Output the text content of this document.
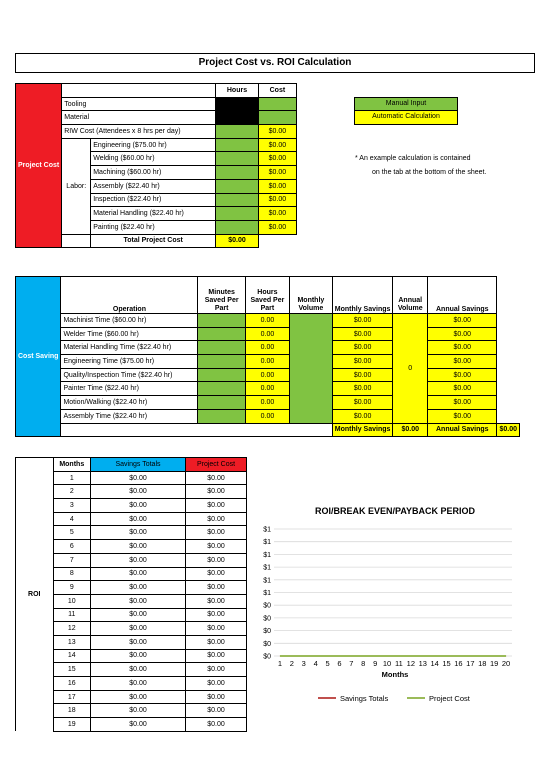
Project Cost vs. ROI Calculation
Project Cost			Hours	Cost
	Tooling			
	Material			
	RIW Cost (Attendees x 8 hrs per day)			$0.00
	Labor:	Engineering ($75.00 hr)		$0.00
		Welding ($60.00 hr)		$0.00
		Machining ($60.00 hr)		$0.00
		Assembly ($22.40 hr)		$0.00
		Inspection ($22.40 hr)		$0.00
		Material Handling ($22.40 hr)		$0.00
		Painting ($22.40 hr)		$0.00
		Total Project Cost	$0.00	
Manual Input
Automatic Calculation
* An example calculation is contained
on the tab at the bottom of the sheet.
Cost Saving	Operation	Minutes Saved Per Part	Hours Saved Per Part	Monthly Volume	Monthly Savings	Annual Volume	Annual Savings	
	Machinist Time ($60.00 hr)		0.00		$0.00	0	$0.00	
	Welder Time ($60.00 hr)		0.00		$0.00		$0.00	
	Material Handling Time ($22.40 hr)		0.00		$0.00		$0.00	
	Engineering Time ($75.00 hr)		0.00		$0.00		$0.00	
	Quality/Inspection Time ($22.40 hr)		0.00		$0.00		$0.00	
	Painter Time ($22.40 hr)		0.00		$0.00		$0.00	
	Motion/Walking ($22.40 hr)		0.00		$0.00		$0.00	
	Assembly Time ($22.40 hr)		0.00		$0.00		$0.00	
					Monthly Savings	$0.00	Annual Savings	$0.00
ROI	Months	Savings Totals	Project Cost
	1	$0.00	$0.00
	2	$0.00	$0.00
	3	$0.00	$0.00
	4	$0.00	$0.00
	5	$0.00	$0.00
	6	$0.00	$0.00
	7	$0.00	$0.00
	8	$0.00	$0.00
	9	$0.00	$0.00
	10	$0.00	$0.00
	11	$0.00	$0.00
	12	$0.00	$0.00
	13	$0.00	$0.00
	14	$0.00	$0.00
	15	$0.00	$0.00
	16	$0.00	$0.00
	17	$0.00	$0.00
	18	$0.00	$0.00
	19	$0.00	$0.00
ROI/BREAK EVEN/PAYBACK PERIOD
Months
$1
$1
$1
$1
$1
$1
$0
$0
$0
$0
$0
1 2 3 4 5 6 7 8 9 10 11 12 13 14 15 16 17 18 19 20
Savings Totals	Project Cost
